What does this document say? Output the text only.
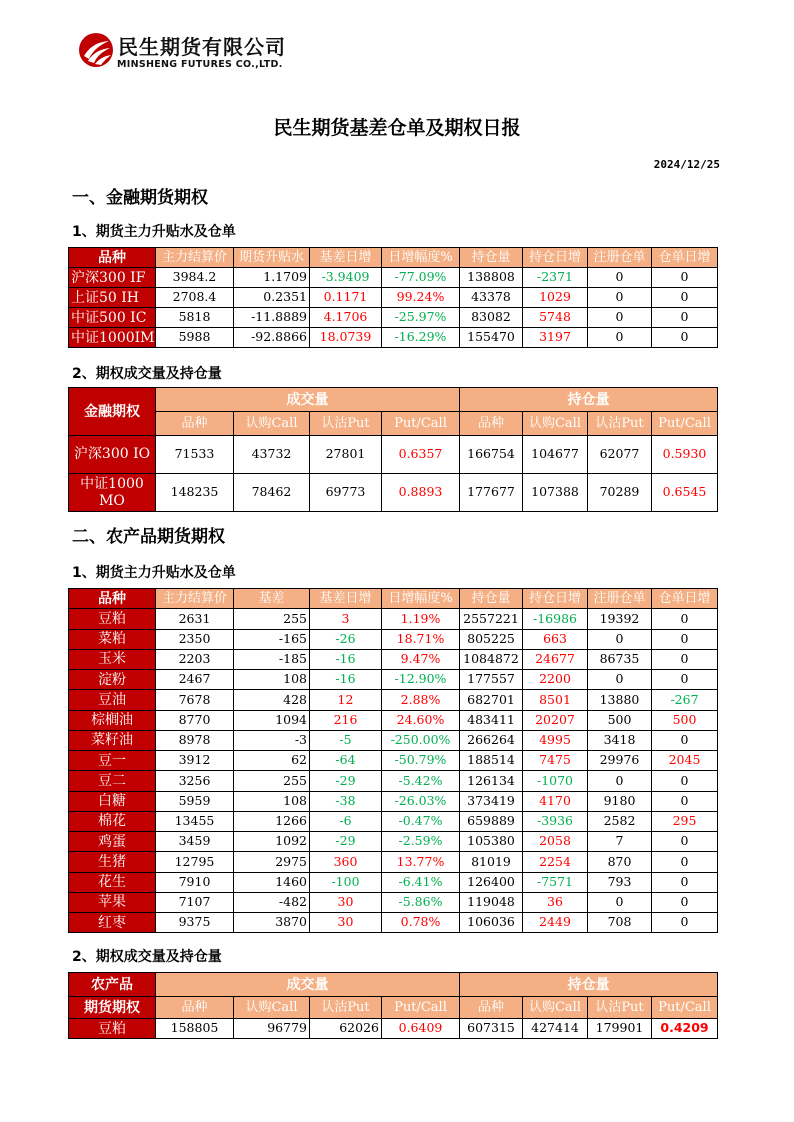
民生期货有限公司
MINSHENG FUTURES CO.,LTD.
民生期货基差仓单及期权日报
2024/12/25
一、金融期货期权
1、期货主力升贴水及仓单
品种	主力结算价	期货升贴水	基差日增	日增幅度%	持仓量	持仓日增	注册仓单	仓单日增
沪深300 IF	3984.2	1.1709	-3.9409	-77.09%	138808	-2371	0	0
上证50 IH	2708.4	0.2351	0.1171	99.24%	43378	1029	0	0
中证500 IC	5818	-11.8889	4.1706	-25.97%	83082	5748	0	0
中证1000IM	5988	-92.8866	18.0739	-16.29%	155470	3197	0	0
2、期权成交量及持仓量
金融期权	成交量				持仓量			
	品种	认购Call	认沽Put	Put/Call	品种	认购Call	认沽Put	Put/Call
沪深300 IO	71533	43732	27801	0.6357	166754	104677	62077	0.5930
中证1000 MO	148235	78462	69773	0.8893	177677	107388	70289	0.6545
二、农产品期货期权
1、期货主力升贴水及仓单
品种	主力结算价	基差	基差日增	日增幅度%	持仓量	持仓日增	注册仓单	仓单日增
豆粕	2631	255	3	1.19%	2557221	-16986	19392	0
菜粕	2350	-165	-26	18.71%	805225	663	0	0
玉米	2203	-185	-16	9.47%	1084872	24677	86735	0
淀粉	2467	108	-16	-12.90%	177557	2200	0	0
豆油	7678	428	12	2.88%	682701	8501	13880	-267
棕榈油	8770	1094	216	24.60%	483411	20207	500	500
菜籽油	8978	-3	-5	-250.00%	266264	4995	3418	0
豆一	3912	62	-64	-50.79%	188514	7475	29976	2045
豆二	3256	255	-29	-5.42%	126134	-1070	0	0
白糖	5959	108	-38	-26.03%	373419	4170	9180	0
棉花	13455	1266	-6	-0.47%	659889	-3936	2582	295
鸡蛋	3459	1092	-29	-2.59%	105380	2058	7	0
生猪	12795	2975	360	13.77%	81019	2254	870	0
花生	7910	1460	-100	-6.41%	126400	-7571	793	0
苹果	7107	-482	30	-5.86%	119048	36	0	0
红枣	9375	3870	30	0.78%	106036	2449	708	0
2、期权成交量及持仓量
农产品	成交量				持仓量			
期货期权	品种	认购Call	认沽Put	Put/Call	品种	认购Call	认沽Put	Put/Call
豆粕	158805	96779	62026	0.6409	607315	427414	179901	0.4209
